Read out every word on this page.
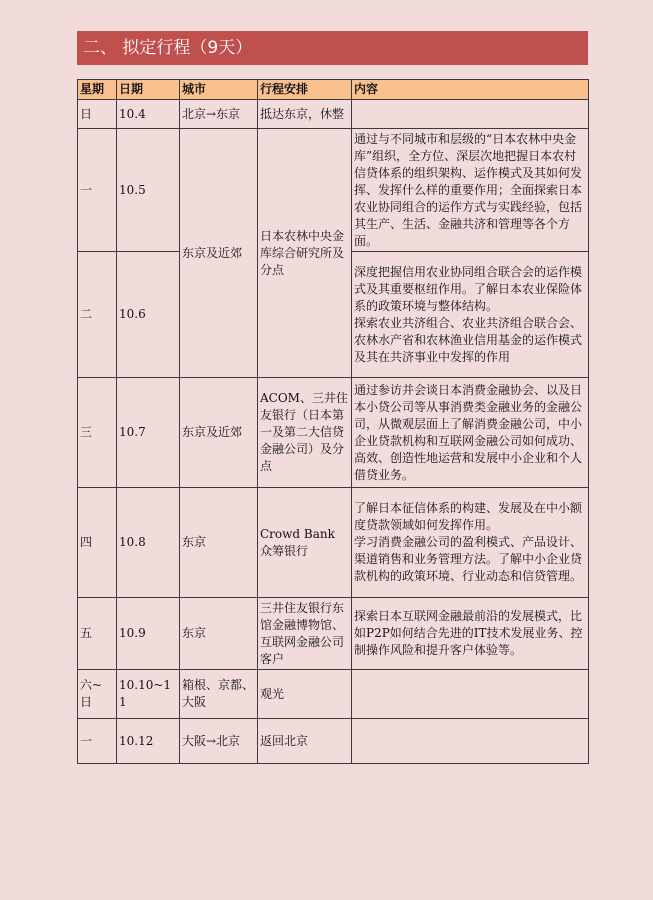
二、 拟定行程（9天）
星期	日期	城市	行程安排	内容
日	10.4	北京→东京	抵达东京，休整	
一	10.5	东京及近郊	日本农林中央金库综合研究所及分点	通过与不同城市和层级的“日本农林中央金库”组织，全方位、深层次地把握日本农村信贷体系的组织架构、运作模式及其如何发挥、发挥什么样的重要作用；全面探索日本农业协同组合的运作方式与实践经验，包括其生产、生活、金融共济和管理等各个方面。

二	10.6			深度把握信用农业协同组合联合会的运作模式及其重要枢纽作用。了解日本农业保险体系的政策环境与整体结构。
探索农业共济组合、农业共济组合联合会、农林水产省和农林渔业信用基金的运作模式及其在共济事业中发挥的作用

三	10.7	东京及近郊	ACOM、三井住友银行（日本第一及第二大信贷金融公司）及分点	通过参访并会谈日本消费金融协会、以及日本小贷公司等从事消费类金融业务的金融公司，从微观层面上了解消费金融公司，中小企业贷款机构和互联网金融公司如何成功、高效、创造性地运营和发展中小企业和个人借贷业务。

四	10.8	东京	Crowd Bank 众筹银行	了解日本征信体系的构建、发展及在中小额度贷款领域如何发挥作用。
学习消费金融公司的盈利模式、产品设计、渠道销售和业务管理方法。了解中小企业贷款机构的政策环境、行业动态和信贷管理。

五	10.9	东京	三井住友银行东馆金融博物馆、互联网金融公司客户	探索日本互联网金融最前沿的发展模式，比如P2P如何结合先进的IT技术发展业务、控制操作风险和提升客户体验等。

六~日	10.10~11	箱根、京都、大阪	观光	
一	10.12	大阪→北京	返回北京	
